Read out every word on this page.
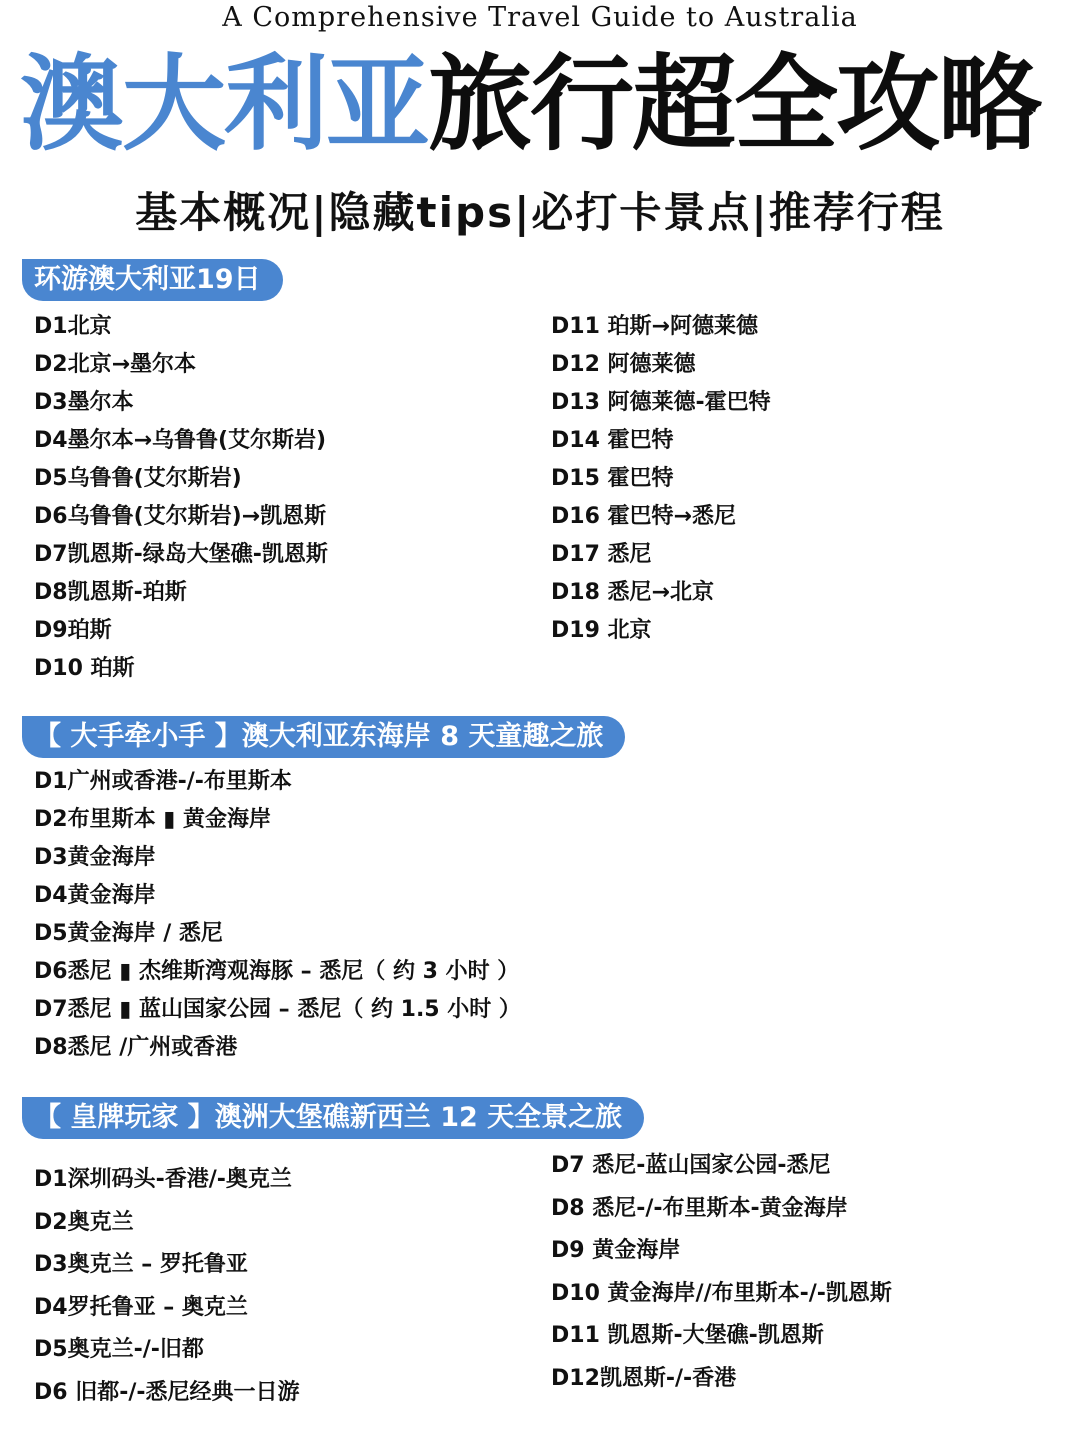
A Comprehensive Travel Guide to Australia
澳大利亚旅行超全攻略
基本概况|隐藏tips|必打卡景点|推荐行程
环游澳大利亚19日
D1北京
D2北京→墨尔本
D3墨尔本
D4墨尔本→乌鲁鲁(艾尔斯岩)
D5乌鲁鲁(艾尔斯岩)
D6乌鲁鲁(艾尔斯岩)→凯恩斯
D7凯恩斯-绿岛大堡礁-凯恩斯
D8凯恩斯-珀斯
D9珀斯
D10 珀斯
D11 珀斯→阿德莱德
D12 阿德莱德
D13 阿德莱德-霍巴特
D14 霍巴特
D15 霍巴特
D16 霍巴特→悉尼
D17 悉尼
D18 悉尼→北京
D19 北京
【 大手牵小手 】澳大利亚东海岸 8 天童趣之旅
D1广州或香港-/-布里斯本
D2布里斯本 ▮ 黄金海岸
D3黄金海岸
D4黄金海岸
D5黄金海岸 / 悉尼
D6悉尼 ▮ 杰维斯湾观海豚 – 悉尼（ 约 3 小时 ）
D7悉尼 ▮ 蓝山国家公园 – 悉尼（ 约 1.5 小时 ）
D8悉尼 /广州或香港
【 皇牌玩家 】澳洲大堡礁新西兰 12 天全景之旅
D1深圳码头-香港/-奥克兰
D2奥克兰
D3奥克兰 – 罗托鲁亚
D4罗托鲁亚 – 奥克兰
D5奥克兰-/-旧都
D6 旧都-/-悉尼经典一日游
D7 悉尼-蓝山国家公园-悉尼
D8 悉尼-/-布里斯本-黄金海岸
D9 黄金海岸
D10 黄金海岸//布里斯本-/-凯恩斯
D11 凯恩斯-大堡礁-凯恩斯
D12凯恩斯-/-香港
